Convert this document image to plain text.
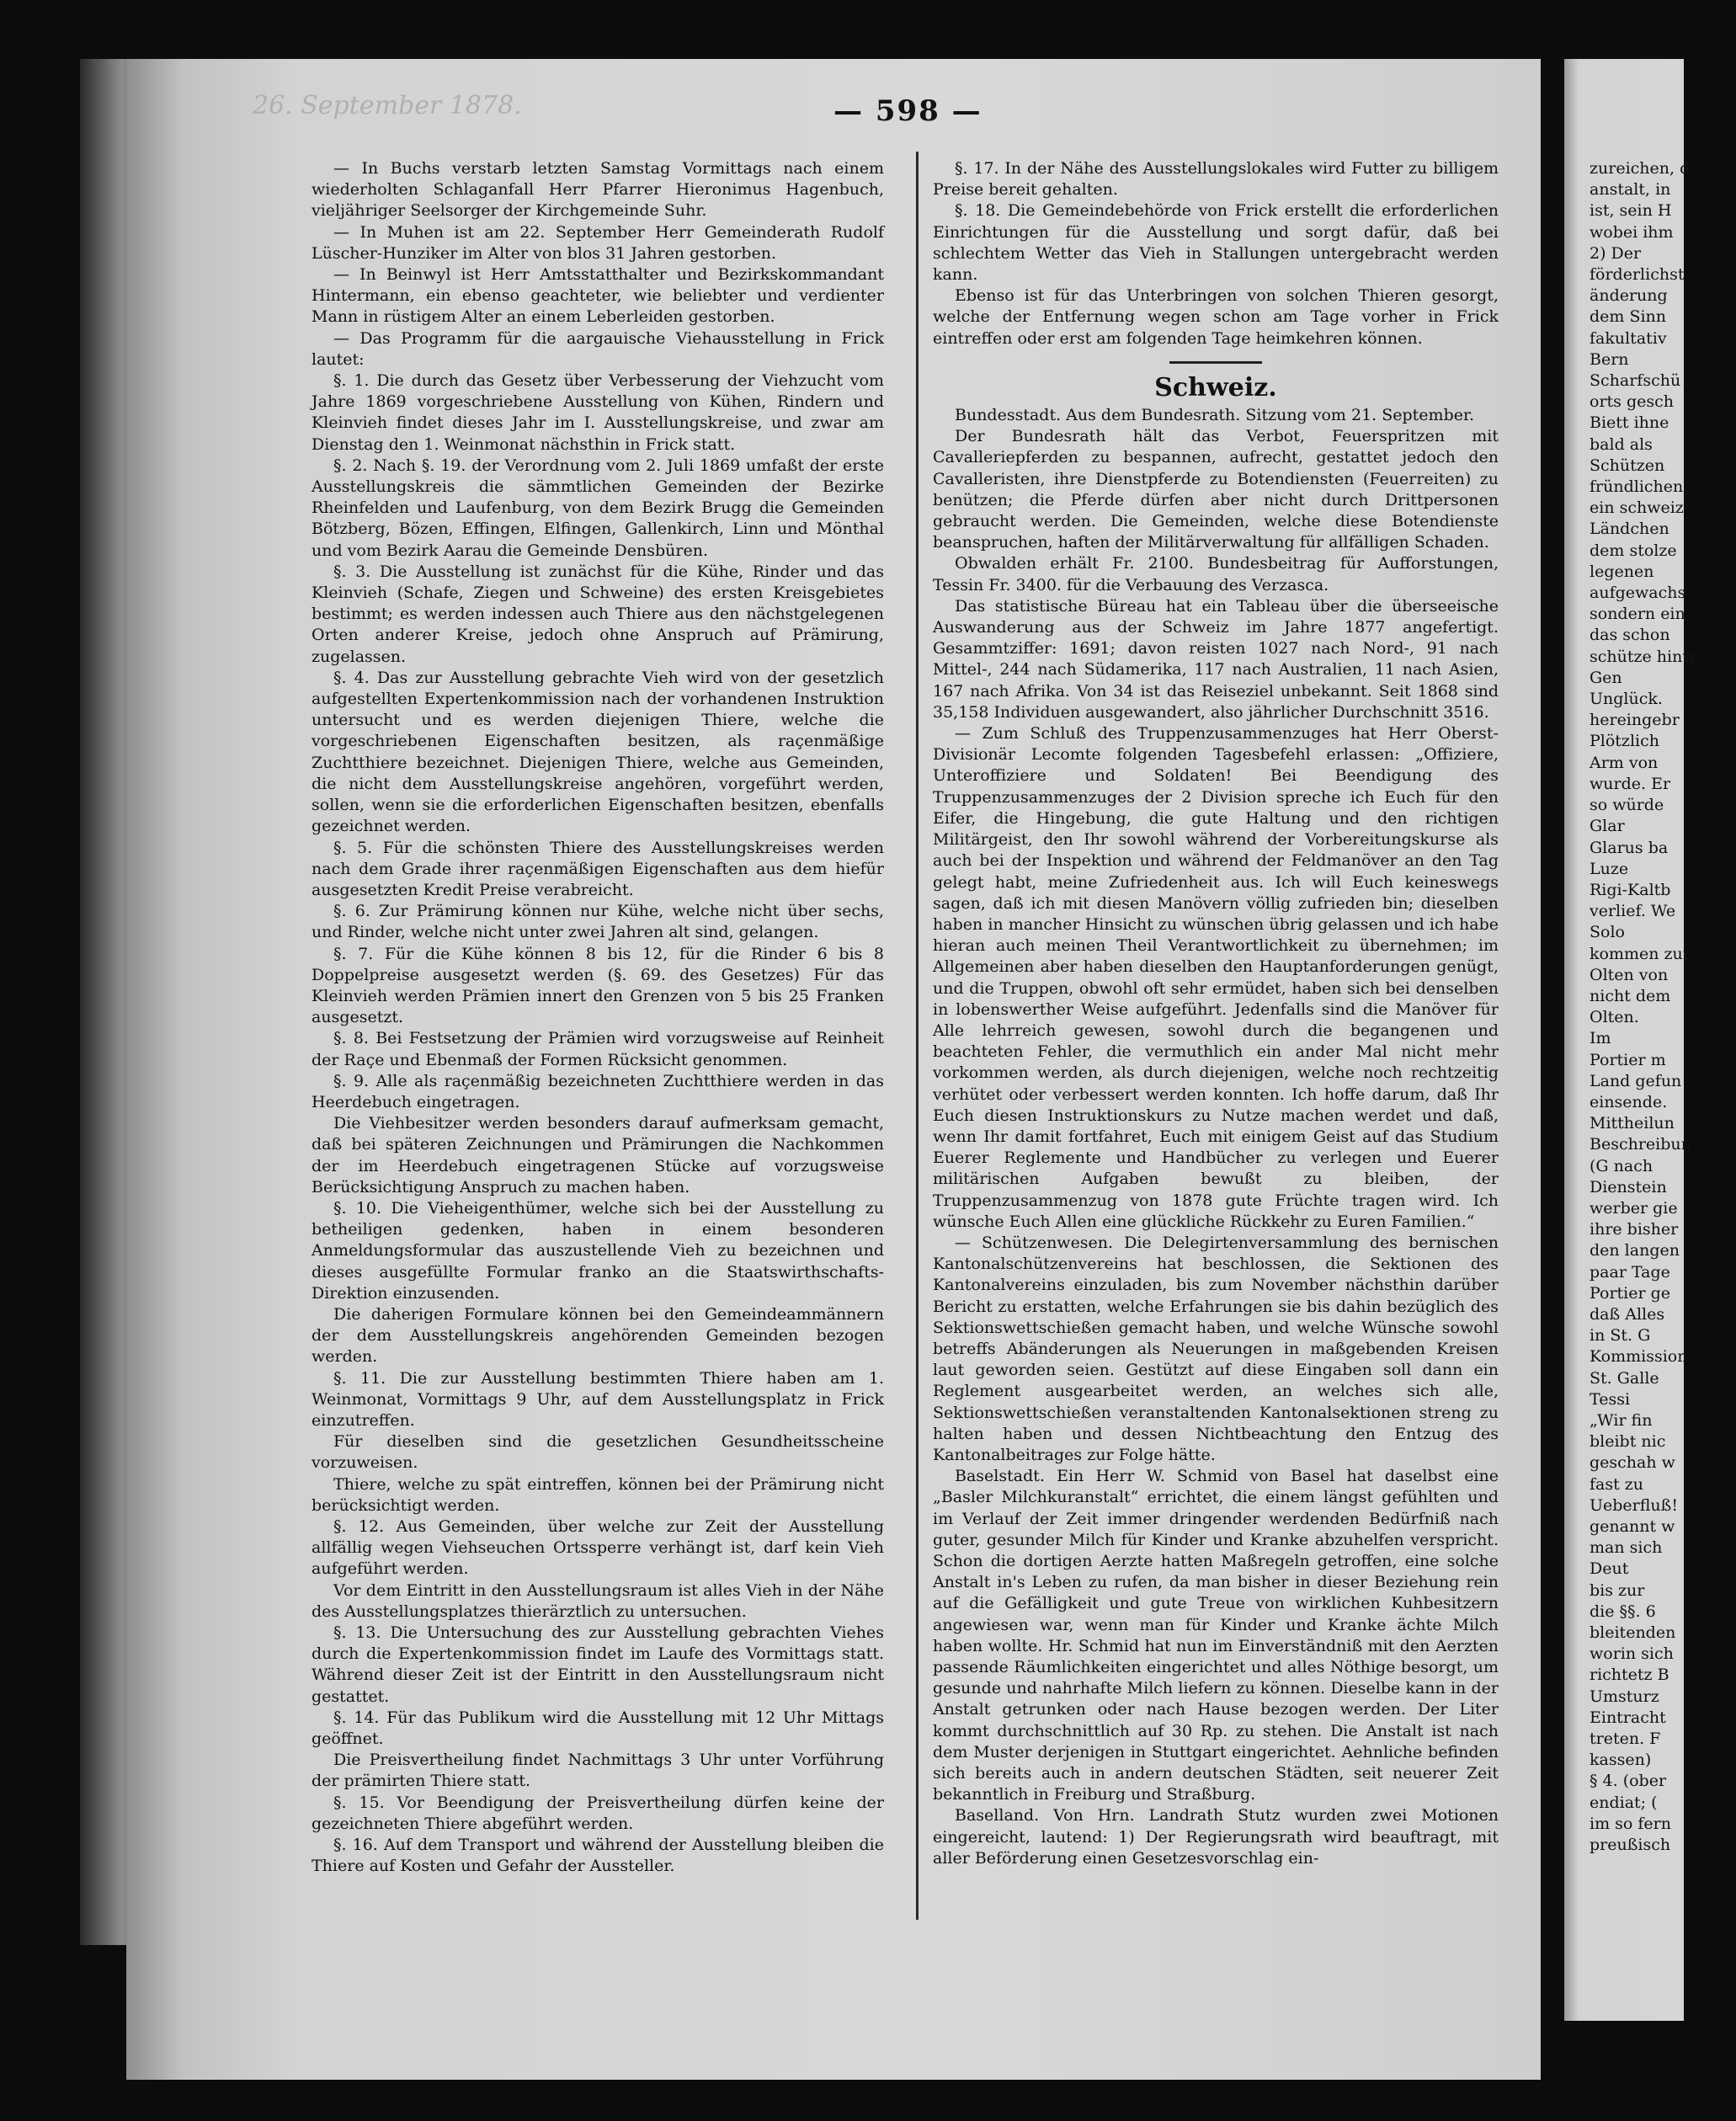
26. September 1878.	— 598 —

— In Buchs verstarb letzten Samstag Vormittags nach einem wiederholten Schlaganfall Herr Pfarrer Hieronimus Hagenbuch, vieljähriger Seelsorger der Kirchgemeinde Suhr.

— In Muhen ist am 22. September Herr Gemeinderath Rudolf Lüscher-Hunziker im Alter von blos 31 Jahren gestorben.

— In Beinwyl ist Herr Amtsstatthalter und Bezirkskommandant Hintermann, ein ebenso geachteter, wie beliebter und verdienter Mann in rüstigem Alter an einem Leberleiden gestorben.

— Das Programm für die aargauische Viehausstellung in Frick lautet:

§. 1. Die durch das Gesetz über Verbesserung der Viehzucht vom Jahre 1869 vorgeschriebene Ausstellung von Kühen, Rindern und Kleinvieh findet dieses Jahr im I. Ausstellungskreise, und zwar am Dienstag den 1. Weinmonat nächsthin in Frick statt.

§. 2. Nach §. 19. der Verordnung vom 2. Juli 1869 umfaßt der erste Ausstellungskreis die sämmtlichen Gemeinden der Bezirke Rheinfelden und Laufenburg, von dem Bezirk Brugg die Gemeinden Bötzberg, Bözen, Effingen, Elfingen, Gallenkirch, Linn und Mönthal und vom Bezirk Aarau die Gemeinde Densbüren.

§. 3. Die Ausstellung ist zunächst für die Kühe, Rinder und das Kleinvieh (Schafe, Ziegen und Schweine) des ersten Kreisgebietes bestimmt; es werden indessen auch Thiere aus den nächstgelegenen Orten anderer Kreise, jedoch ohne Anspruch auf Prämirung, zugelassen.

§. 4. Das zur Ausstellung gebrachte Vieh wird von der gesetzlich aufgestellten Expertenkommission nach der vorhandenen Instruktion untersucht und es werden diejenigen Thiere, welche die vorgeschriebenen Eigenschaften besitzen, als raçenmäßige Zuchtthiere bezeichnet. Diejenigen Thiere, welche aus Gemeinden, die nicht dem Ausstellungskreise angehören, vorgeführt werden, sollen, wenn sie die erforderlichen Eigenschaften besitzen, ebenfalls gezeichnet werden.

§. 5. Für die schönsten Thiere des Ausstellungskreises werden nach dem Grade ihrer raçenmäßigen Eigenschaften aus dem hiefür ausgesetzten Kredit Preise verabreicht.

§. 6. Zur Prämirung können nur Kühe, welche nicht über sechs, und Rinder, welche nicht unter zwei Jahren alt sind, gelangen.

§. 7. Für die Kühe können 8 bis 12, für die Rinder 6 bis 8 Doppelpreise ausgesetzt werden (§. 69. des Gesetzes) Für das Kleinvieh werden Prämien innert den Grenzen von 5 bis 25 Franken ausgesetzt.

§. 8. Bei Festsetzung der Prämien wird vorzugsweise auf Reinheit der Raçe und Ebenmaß der Formen Rücksicht genommen.

§. 9. Alle als raçenmäßig bezeichneten Zuchtthiere werden in das Heerdebuch eingetragen.

Die Viehbesitzer werden besonders darauf aufmerksam gemacht, daß bei späteren Zeichnungen und Prämirungen die Nachkommen der im Heerdebuch eingetragenen Stücke auf vorzugsweise Berücksichtigung Anspruch zu machen haben.

§. 10. Die Vieheigenthümer, welche sich bei der Ausstellung zu betheiligen gedenken, haben in einem besonderen Anmeldungsformular das auszustellende Vieh zu bezeichnen und dieses ausgefüllte Formular franko an die Staatswirthschafts-Direktion einzusenden.

Die daherigen Formulare können bei den Gemeindeammännern der dem Ausstellungskreis angehörenden Gemeinden bezogen werden.

§. 11. Die zur Ausstellung bestimmten Thiere haben am 1. Weinmonat, Vormittags 9 Uhr, auf dem Ausstellungsplatz in Frick einzutreffen.

Für dieselben sind die gesetzlichen Gesundheitsscheine vorzuweisen.

Thiere, welche zu spät eintreffen, können bei der Prämirung nicht berücksichtigt werden.

§. 12. Aus Gemeinden, über welche zur Zeit der Ausstellung allfällig wegen Viehseuchen Ortssperre verhängt ist, darf kein Vieh aufgeführt werden.

Vor dem Eintritt in den Ausstellungsraum ist alles Vieh in der Nähe des Ausstellungsplatzes thierärztlich zu untersuchen.

§. 13. Die Untersuchung des zur Ausstellung gebrachten Viehes durch die Expertenkommission findet im Laufe des Vormittags statt. Während dieser Zeit ist der Eintritt in den Ausstellungsraum nicht gestattet.

§. 14. Für das Publikum wird die Ausstellung mit 12 Uhr Mittags geöffnet.

Die Preisvertheilung findet Nachmittags 3 Uhr unter Vorführung der prämirten Thiere statt.

§. 15. Vor Beendigung der Preisvertheilung dürfen keine der gezeichneten Thiere abgeführt werden.

§. 16. Auf dem Transport und während der Ausstellung bleiben die Thiere auf Kosten und Gefahr der Aussteller.

§. 17. In der Nähe des Ausstellungslokales wird Futter zu billigem Preise bereit gehalten.

§. 18. Die Gemeindebehörde von Frick erstellt die erforderlichen Einrichtungen für die Ausstellung und sorgt dafür, daß bei schlechtem Wetter das Vieh in Stallungen untergebracht werden kann.

Ebenso ist für das Unterbringen von solchen Thieren gesorgt, welche der Entfernung wegen schon am Tage vorher in Frick eintreffen oder erst am folgenden Tage heimkehren können.

Schweiz.

Bundesstadt. Aus dem Bundesrath. Sitzung vom 21. September.

Der Bundesrath hält das Verbot, Feuerspritzen mit Cavalleriepferden zu bespannen, aufrecht, gestattet jedoch den Cavalleristen, ihre Dienstpferde zu Botendiensten (Feuerreiten) zu benützen; die Pferde dürfen aber nicht durch Drittpersonen gebraucht werden. Die Gemeinden, welche diese Botendienste beanspruchen, haften der Militärverwaltung für allfälligen Schaden.

Obwalden erhält Fr. 2100. Bundesbeitrag für Aufforstungen, Tessin Fr. 3400. für die Verbauung des Verzasca.

Das statistische Büreau hat ein Tableau über die überseeische Auswanderung aus der Schweiz im Jahre 1877 angefertigt. Gesammtziffer: 1691; davon reisten 1027 nach Nord-, 91 nach Mittel-, 244 nach Südamerika, 117 nach Australien, 11 nach Asien, 167 nach Afrika. Von 34 ist das Reiseziel unbekannt. Seit 1868 sind 35,158 Individuen ausgewandert, also jährlicher Durchschnitt 3516.

— Zum Schluß des Truppenzusammenzuges hat Herr Oberst-Divisionär Lecomte folgenden Tagesbefehl erlassen: „Offiziere, Unteroffiziere und Soldaten! Bei Beendigung des Truppenzusammenzuges der 2 Division spreche ich Euch für den Eifer, die Hingebung, die gute Haltung und den richtigen Militärgeist, den Ihr sowohl während der Vorbereitungskurse als auch bei der Inspektion und während der Feldmanöver an den Tag gelegt habt, meine Zufriedenheit aus. Ich will Euch keineswegs sagen, daß ich mit diesen Manövern völlig zufrieden bin; dieselben haben in mancher Hinsicht zu wünschen übrig gelassen und ich habe hieran auch meinen Theil Verantwortlichkeit zu übernehmen; im Allgemeinen aber haben dieselben den Hauptanforderungen genügt, und die Truppen, obwohl oft sehr ermüdet, haben sich bei denselben in lobenswerther Weise aufgeführt. Jedenfalls sind die Manöver für Alle lehrreich gewesen, sowohl durch die begangenen und beachteten Fehler, die vermuthlich ein ander Mal nicht mehr vorkommen werden, als durch diejenigen, welche noch rechtzeitig verhütet oder verbessert werden konnten. Ich hoffe darum, daß Ihr Euch diesen Instruktionskurs zu Nutze machen werdet und daß, wenn Ihr damit fortfahret, Euch mit einigem Geist auf das Studium Euerer Reglemente und Handbücher zu verlegen und Euerer militärischen Aufgaben bewußt zu bleiben, der Truppenzusammenzug von 1878 gute Früchte tragen wird. Ich wünsche Euch Allen eine glückliche Rückkehr zu Euren Familien.“

— Schützenwesen. Die Delegirtenversammlung des bernischen Kantonalschützenvereins hat beschlossen, die Sektionen des Kantonalvereins einzuladen, bis zum November nächsthin darüber Bericht zu erstatten, welche Erfahrungen sie bis dahin bezüglich des Sektionswettschießen gemacht haben, und welche Wünsche sowohl betreffs Abänderungen als Neuerungen in maßgebenden Kreisen laut geworden seien. Gestützt auf diese Eingaben soll dann ein Reglement ausgearbeitet werden, an welches sich alle, Sektionswettschießen veranstaltenden Kantonalsektionen streng zu halten haben und dessen Nichtbeachtung den Entzug des Kantonalbeitrages zur Folge hätte.

Baselstadt. Ein Herr W. Schmid von Basel hat daselbst eine „Basler Milchkuranstalt“ errichtet, die einem längst gefühlten und im Verlauf der Zeit immer dringender werdenden Bedürfniß nach guter, gesunder Milch für Kinder und Kranke abzuhelfen verspricht. Schon die dortigen Aerzte hatten Maßregeln getroffen, eine solche Anstalt in's Leben zu rufen, da man bisher in dieser Beziehung rein auf die Gefälligkeit und gute Treue von wirklichen Kuhbesitzern angewiesen war, wenn man für Kinder und Kranke ächte Milch haben wollte. Hr. Schmid hat nun im Einverständniß mit den Aerzten passende Räumlichkeiten eingerichtet und alles Nöthige besorgt, um gesunde und nahrhafte Milch liefern zu können. Dieselbe kann in der Anstalt getrunken oder nach Hause bezogen werden. Der Liter kommt durchschnittlich auf 30 Rp. zu stehen. Die Anstalt ist nach dem Muster derjenigen in Stuttgart eingerichtet. Aehnliche befinden sich bereits auch in andern deutschen Städten, seit neuerer Zeit bekanntlich in Freiburg und Straßburg.

Baselland. Von Hrn. Landrath Stutz wurden zwei Motionen eingereicht, lautend: 1) Der Regierungsrath wird beauftragt, mit aller Beförderung einen Gesetzesvorschlag ein-

zureichen, d

anstalt, in

ist, sein H

wobei ihm

2) Der

förderlichst

änderung

dem Sinn

fakultativ

Bern

Scharfschü

orts gesch

Biett ihne

bald als

Schützen

fründlichen

ein schweiz

Ländchen

dem stolze

legenen

aufgewachs

sondern ein

das schon

schütze hinw

Gen

Unglück.

hereingebr

Plötzlich

Arm von

wurde. Er

so würde

Glar

Glarus ba

Luze

Rigi-Kaltb

verlief. We

Solo

kommen zur

Olten von

nicht dem

Olten.

Im

Portier m

Land gefun

einsende.

Mittheilun

Beschreibun

(G nach

Dienstein

werber gie

ihre bisher

den langen

paar Tage

Portier ge

daß Alles

in St. G

Kommission

St. Galle

Tessi

„Wir fin

bleibt nic

geschah w

fast zu

Ueberfluß!

genannt w

man sich

Deut

bis zur

die §§. 6

bleitenden

worin sich

richtetz B

Umsturz

Eintracht

treten. F

kassen)

§ 4. (ober

endiat; (

im so fern

preußisch
